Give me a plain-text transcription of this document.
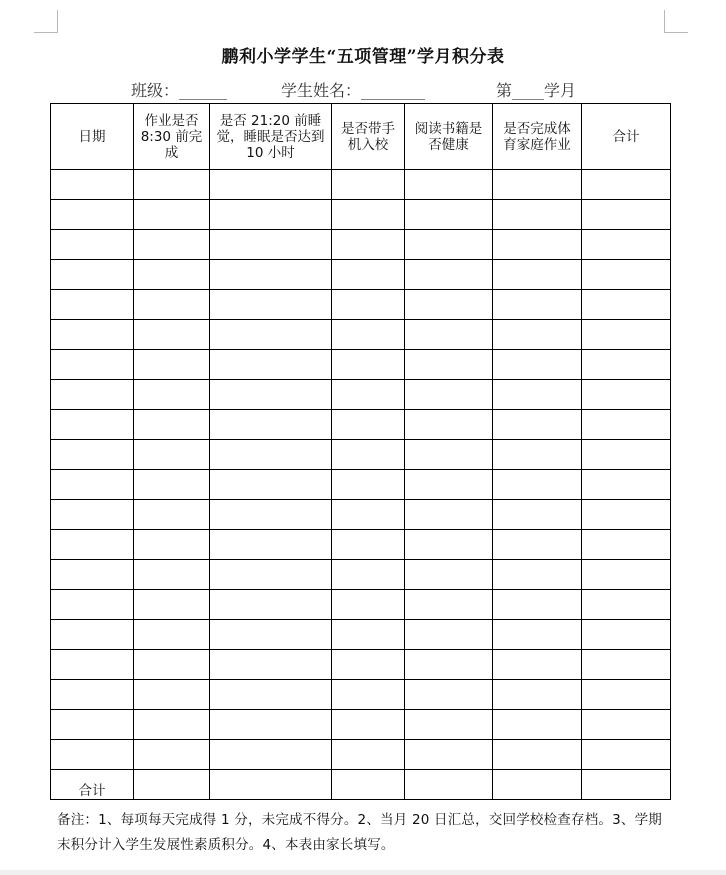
鹏利小学学生“五项管理”学月积分表
班级：______	学生姓名：________	第____学月
日期	作业是否 8:30 前完成	是否 21:20 前睡觉，睡眠是否达到 10 小时	是否带手机入校	阅读书籍是否健康	是否完成体育家庭作业	合计

合计						
备注：1、每项每天完成得 1 分，未完成不得分。2、当月 20 日汇总，交回学校检查存档。3、学期末积分计入学生发展性素质积分。4、本表由家长填写。
